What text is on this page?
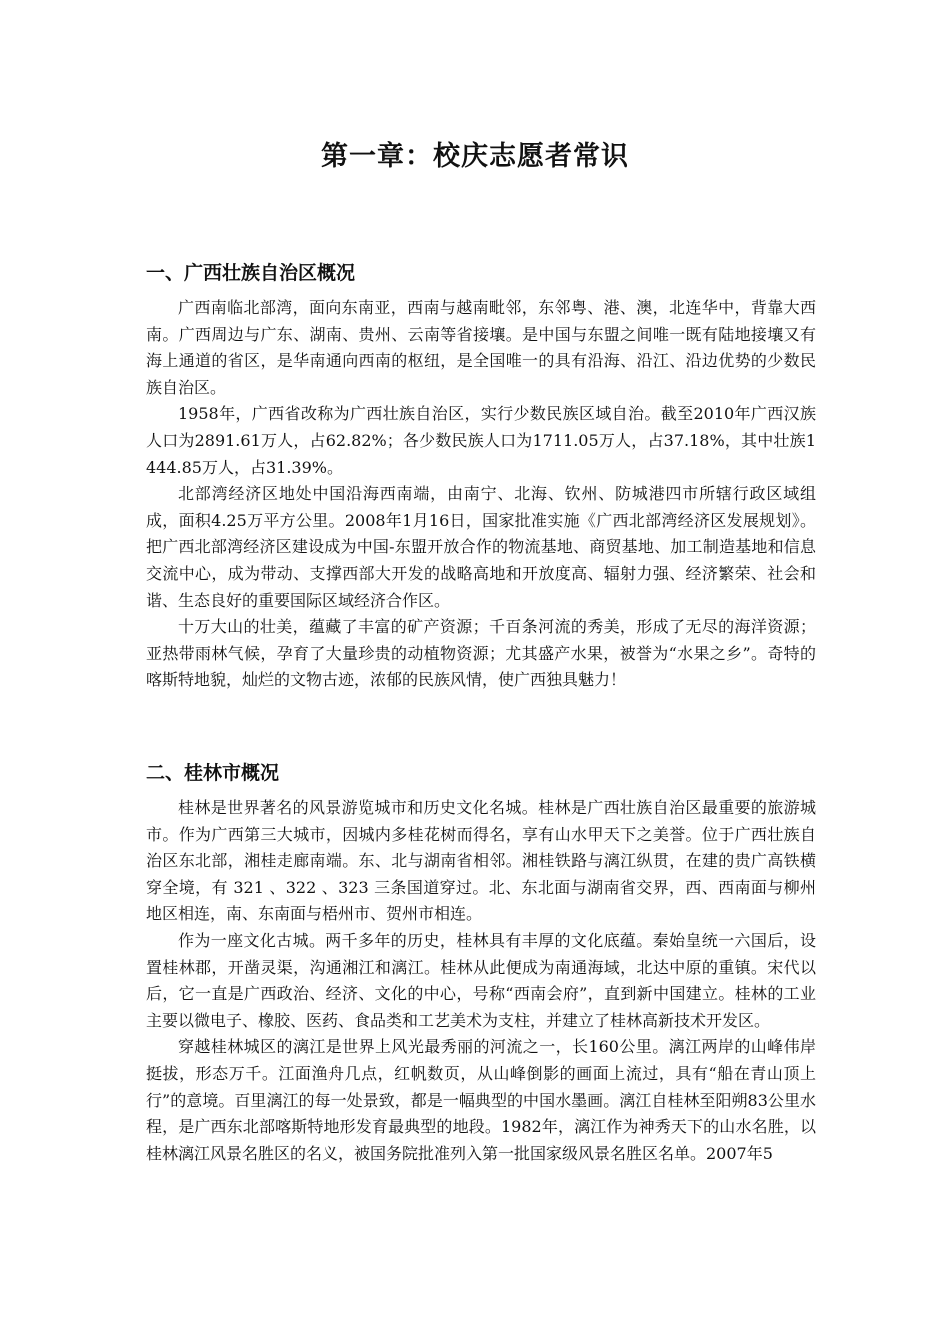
第一章：校庆志愿者常识
一、广西壮族自治区概况

广西南临北部湾，面向东南亚，西南与越南毗邻，东邻粤、港、澳，北连华中，背靠大西南。广西周边与广东、湖南、贵州、云南等省接壤。是中国与东盟之间唯一既有陆地接壤又有海上通道的省区，是华南通向西南的枢纽，是全国唯一的具有沿海、沿江、沿边优势的少数民族自治区。

1958年，广西省改称为广西壮族自治区，实行少数民族区域自治。截至2010年广西汉族人口为2891.61万人，占62.82%；各少数民族人口为1711.05万人，占37.18%，其中壮族1444.85万人，占31.39%。

北部湾经济区地处中国沿海西南端，由南宁、北海、钦州、防城港四市所辖行政区域组成，面积4.25万平方公里。2008年1月16日，国家批准实施《广西北部湾经济区发展规划》。把广西北部湾经济区建设成为中国-东盟开放合作的物流基地、商贸基地、加工制造基地和信息交流中心，成为带动、支撑西部大开发的战略高地和开放度高、辐射力强、经济繁荣、社会和谐、生态良好的重要国际区域经济合作区。

十万大山的壮美，蕴藏了丰富的矿产资源；千百条河流的秀美，形成了无尽的海洋资源；亚热带雨林气候，孕育了大量珍贵的动植物资源；尤其盛产水果，被誉为“水果之乡”。奇特的喀斯特地貌，灿烂的文物古迹，浓郁的民族风情，使广西独具魅力！

二、桂林市概况

桂林是世界著名的风景游览城市和历史文化名城。桂林是广西壮族自治区最重要的旅游城市。作为广西第三大城市，因城内多桂花树而得名，享有山水甲天下之美誉。位于广西壮族自治区东北部，湘桂走廊南端。东、北与湖南省相邻。湘桂铁路与漓江纵贯，在建的贵广高铁横穿全境，有 321 、322 、323 三条国道穿过。北、东北面与湖南省交界，西、西南面与柳州地区相连，南、东南面与梧州市、贺州市相连。

作为一座文化古城。两千多年的历史，桂林具有丰厚的文化底蕴。秦始皇统一六国后，设置桂林郡，开凿灵渠，沟通湘江和漓江。桂林从此便成为南通海域，北达中原的重镇。宋代以后，它一直是广西政治、经济、文化的中心，号称“西南会府”，直到新中国建立。桂林的工业主要以微电子、橡胶、医药、食品类和工艺美术为支柱，并建立了桂林高新技术开发区。

穿越桂林城区的漓江是世界上风光最秀丽的河流之一，长160公里。漓江两岸的山峰伟岸挺拔，形态万千。江面渔舟几点，红帆数页，从山峰倒影的画面上流过，具有“船在青山顶上行”的意境。百里漓江的每一处景致，都是一幅典型的中国水墨画。漓江自桂林至阳朔83公里水程，是广西东北部喀斯特地形发育最典型的地段。1982年，漓江作为神秀天下的山水名胜，以桂林漓江风景名胜区的名义，被国务院批准列入第一批国家级风景名胜区名单。2007年5
